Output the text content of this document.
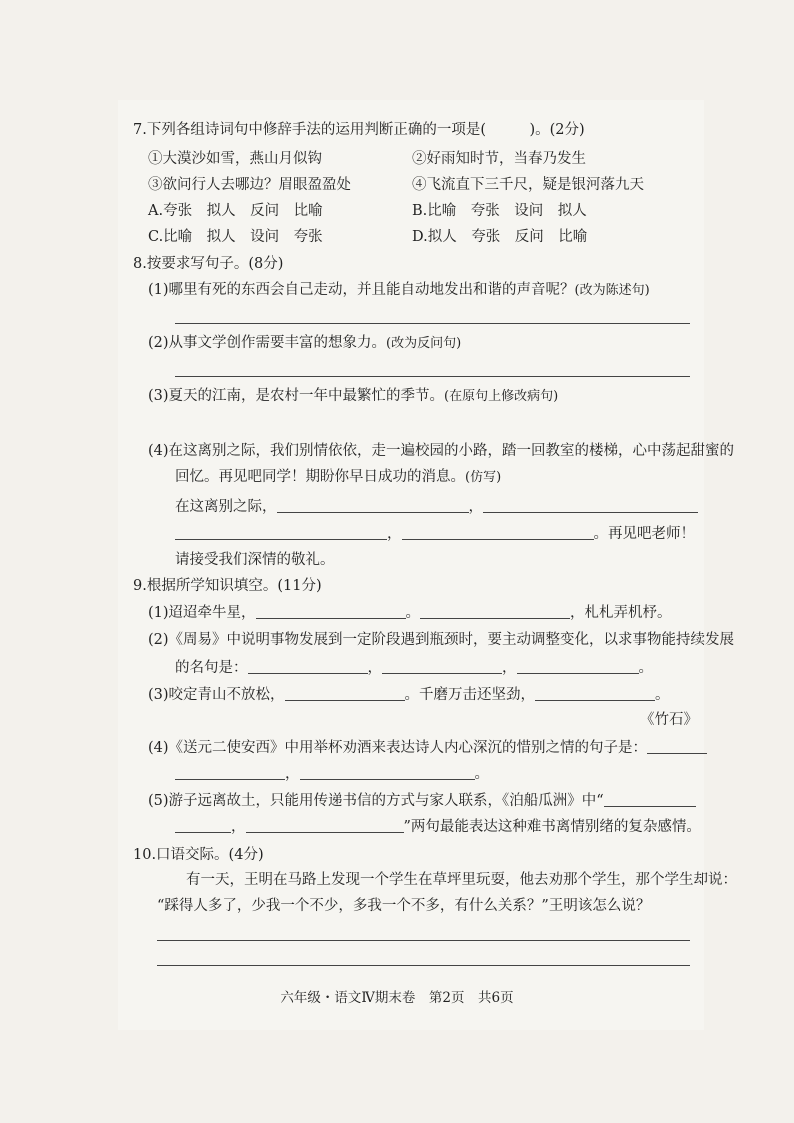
7.下列各组诗词句中修辞手法的运用判断正确的一项是(　　　)。(2分)
①大漠沙如雪，燕山月似钩	②好雨知时节，当春乃发生
③欲问行人去哪边？眉眼盈盈处	④飞流直下三千尺，疑是银河落九天
A.夸张　拟人　反问　比喻	B.比喻　夸张　设问　拟人
C.比喻　拟人　设问　夸张	D.拟人　夸张　反问　比喻
8.按要求写句子。(8分)
(1)哪里有死的东西会自己走动，并且能自动地发出和谐的声音呢？(改为陈述句)
(2)从事文学创作需要丰富的想象力。(改为反问句)
(3)夏天的江南，是农村一年中最繁忙的季节。(在原句上修改病句)
(4)在这离别之际，我们别情依依，走一遍校园的小路，踏一回教室的楼梯，心中荡起甜蜜的
回忆。再见吧同学！期盼你早日成功的消息。(仿写)
在这离别之际，	，
，	。再见吧老师！
请接受我们深情的敬礼。
9.根据所学知识填空。(11分)
(1)迢迢牵牛星，	。	，札札弄机杼。
(2)《周易》中说明事物发展到一定阶段遇到瓶颈时，要主动调整变化，以求事物能持续发展
的名句是：	，	，	。
(3)咬定青山不放松，	。千磨万击还坚劲，	。
《竹石》
(4)《送元二使安西》中用举杯劝酒来表达诗人内心深沉的惜别之情的句子是：
，	。
(5)游子远离故土，只能用传递书信的方式与家人联系，《泊船瓜洲》中“
，	”两句最能表达这种难书离情别绪的复杂感情。
10.口语交际。(4分)
有一天，王明在马路上发现一个学生在草坪里玩耍，他去劝那个学生，那个学生却说：
“踩得人多了，少我一个不少，多我一个不多，有什么关系？”王明该怎么说？
六年级・语文Ⅳ期末卷　第2页　共6页
